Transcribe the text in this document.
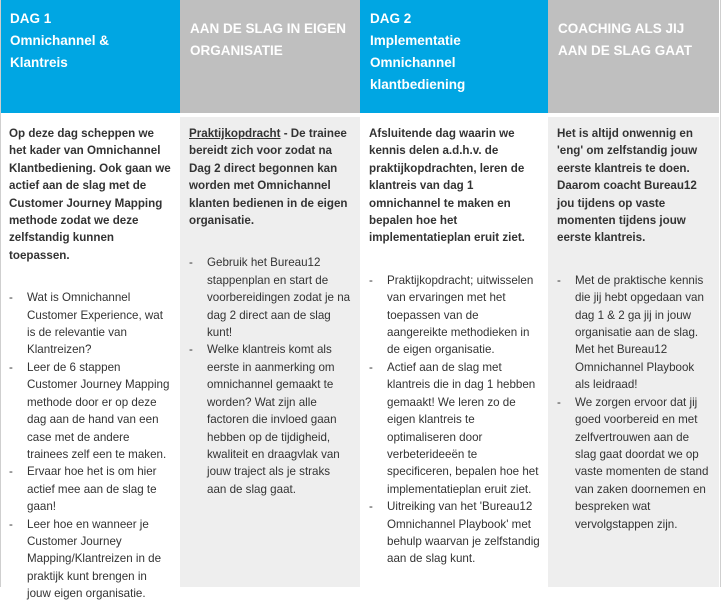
DAG 1
Omnichannel &
Klantreis
AAN DE SLAG IN EIGEN
ORGANISATIE
DAG 2
Implementatie
Omnichannel
klantbediening
COACHING ALS JIJ
AAN DE SLAG GAAT

Op deze dag scheppen we het kader van Omnichannel Klantbediening. Ook gaan we actief aan de slag met de Customer Journey Mapping methode zodat we deze zelfstandig kunnen toepassen.

- Wat is Omnichannel Customer Experience, wat is de relevantie van Klantreizen?
- Leer de 6 stappen Customer Journey Mapping methode door er op deze dag aan de hand van een case met de andere trainees zelf een te maken.
- Ervaar hoe het is om hier actief mee aan de slag te gaan!
- Leer hoe en wanneer je Customer Journey Mapping/Klantreizen in de praktijk kunt brengen in jouw eigen organisatie.

Praktijkopdracht - De trainee bereidt zich voor zodat na Dag 2 direct begonnen kan worden met Omnichannel klanten bedienen in de eigen organisatie.

- Gebruik het Bureau12 stappenplan en start de voorbereidingen zodat je na dag 2 direct aan de slag kunt!
- Welke klantreis komt als eerste in aanmerking om omnichannel gemaakt te worden? Wat zijn alle factoren die invloed gaan hebben op de tijdigheid, kwaliteit en draagvlak van jouw traject als je straks aan de slag gaat.

Afsluitende dag waarin we kennis delen a.d.h.v. de praktijkopdrachten, leren de klantreis van dag 1 omnichannel te maken en bepalen hoe het implementatieplan eruit ziet.

- Praktijkopdracht; uitwisselen van ervaringen met het toepassen van de aangereikte methodieken in de eigen organisatie.
- Actief aan de slag met klantreis die in dag 1 hebben gemaakt! We leren zo de eigen klantreis te optimaliseren door verbeterideeën te specificeren, bepalen hoe het implementatieplan eruit ziet.
- Uitreiking van het 'Bureau12 Omnichannel Playbook' met behulp waarvan je zelfstandig aan de slag kunt.

Het is altijd onwennig en 'eng' om zelfstandig jouw eerste klantreis te doen. Daarom coacht Bureau12 jou tijdens op vaste momenten tijdens jouw eerste klantreis.

- Met de praktische kennis die jij hebt opgedaan van dag 1 & 2 ga jij in jouw organisatie aan de slag. Met het Bureau12 Omnichannel Playbook als leidraad!
- We zorgen ervoor dat jij goed voorbereid en met zelfvertrouwen aan de slag gaat doordat we op vaste momenten de stand van zaken doornemen en bespreken wat vervolgstappen zijn.
